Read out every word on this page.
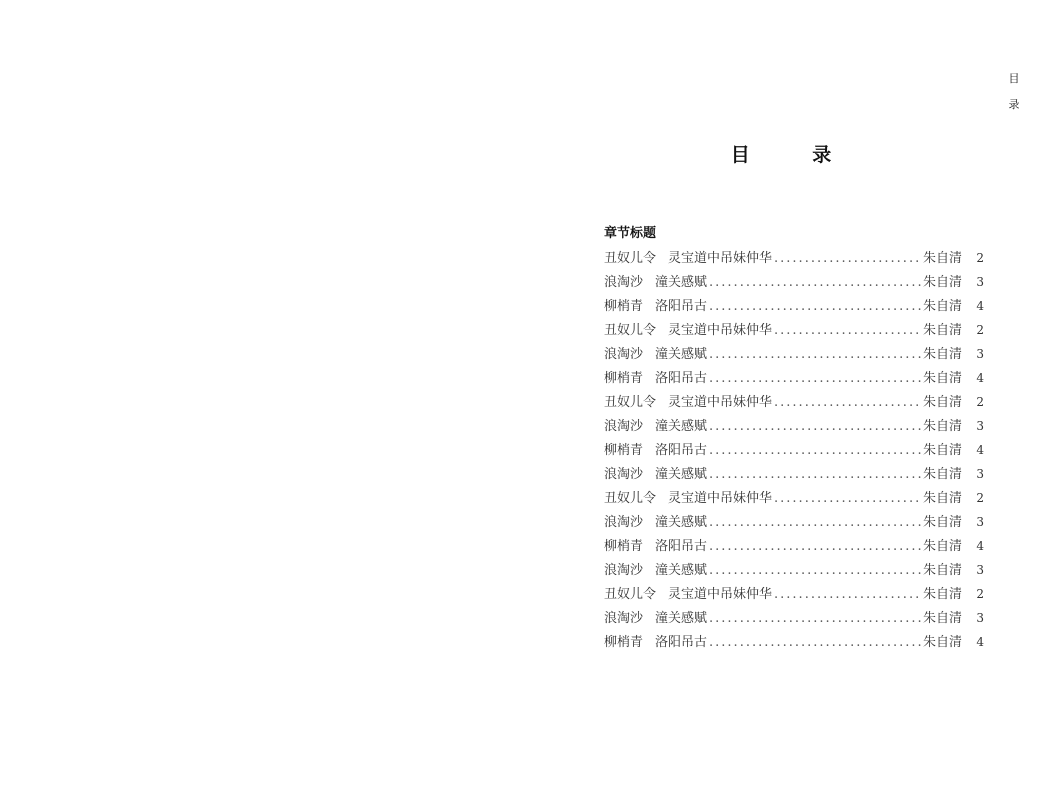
目
录
目 录
章节标题
丑奴儿令 灵宝道中吊妹仲华 .....	朱自清	2
浪淘沙 潼关感赋 .....	朱自清	3
柳梢青 洛阳吊古 .....	朱自清	4
丑奴儿令 灵宝道中吊妹仲华 .....	朱自清	2
浪淘沙 潼关感赋 .....	朱自清	3
柳梢青 洛阳吊古 .....	朱自清	4
丑奴儿令 灵宝道中吊妹仲华 .....	朱自清	2
浪淘沙 潼关感赋 .....	朱自清	3
柳梢青 洛阳吊古 .....	朱自清	4
浪淘沙 潼关感赋 .....	朱自清	3
丑奴儿令 灵宝道中吊妹仲华 .....	朱自清	2
浪淘沙 潼关感赋 .....	朱自清	3
柳梢青 洛阳吊古 .....	朱自清	4
浪淘沙 潼关感赋 .....	朱自清	3
丑奴儿令 灵宝道中吊妹仲华 .....	朱自清	2
浪淘沙 潼关感赋 .....	朱自清	3
柳梢青 洛阳吊古 .....	朱自清	4
